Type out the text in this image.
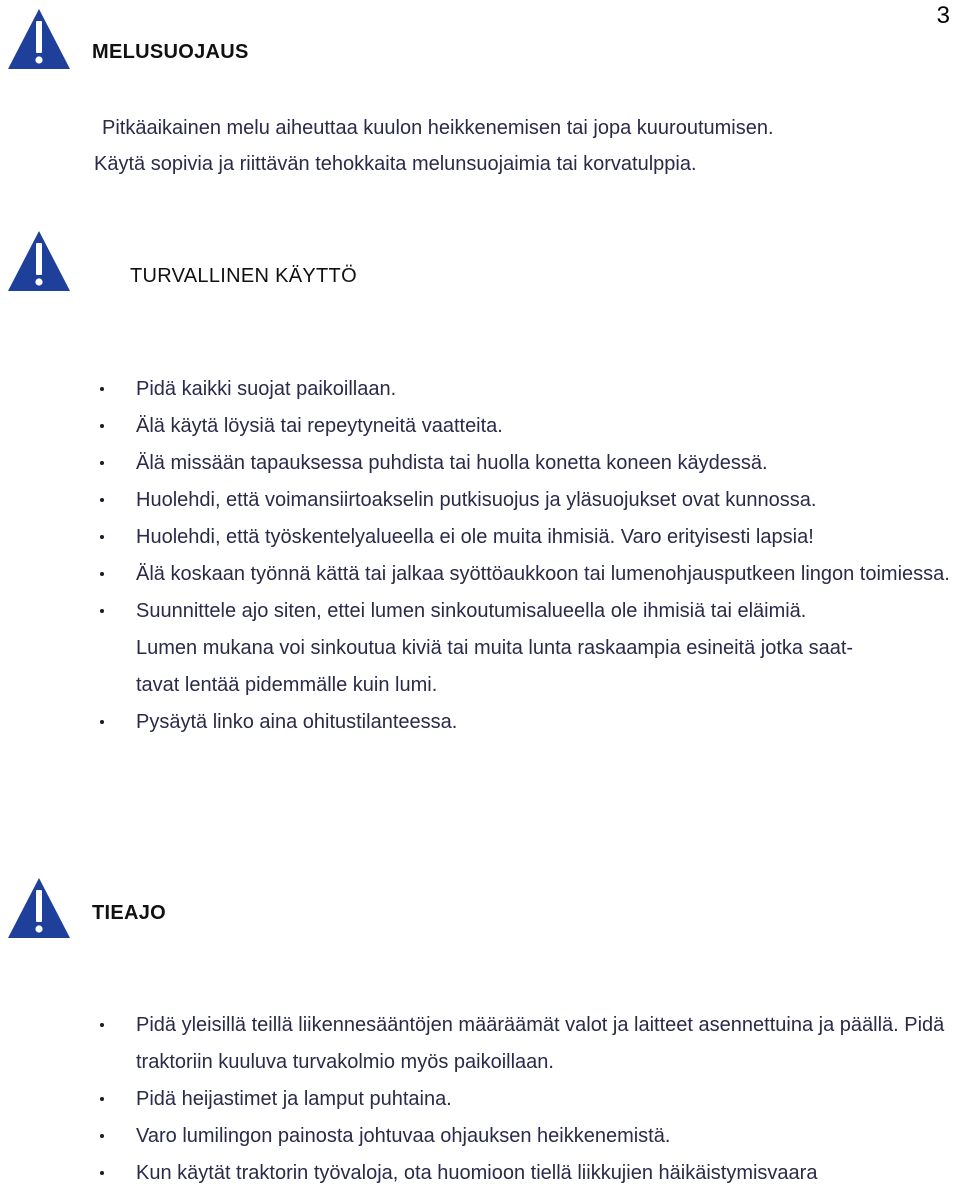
3
MELUSUOJAUS

Pitkäaikainen melu aiheuttaa kuulon heikkenemisen tai jopa kuuroutumisen.

Käytä sopivia ja riittävän tehokkaita melunsuojaimia tai korvatulppia.

TURVALLINEN KÄYTTÖ
Pidä kaikki suojat paikoillaan.
Älä käytä löysiä tai repeytyneitä vaatteita.
Älä missään tapauksessa puhdista tai huolla konetta koneen käydessä.
Huolehdi, että voimansiirtoakselin putkisuojus ja yläsuojukset ovat kunnossa.
Huolehdi, että työskentelyalueella ei ole muita ihmisiä. Varo erityisesti lapsia!
Älä koskaan työnnä kättä tai jalkaa syöttöaukkoon tai lumenohjausputkeen lingon toimiessa.
Suunnittele ajo siten, ettei lumen sinkoutumisalueella ole ihmisiä tai eläimiä.
Lumen mukana voi sinkoutua kiviä tai muita lunta raskaampia esineitä jotka saat-
tavat lentää pidemmälle kuin lumi.
Pysäytä linko aina ohitustilanteessa.
TIEAJO
Pidä yleisillä teillä liikennesääntöjen määräämät valot ja laitteet asennettuina ja päällä. Pidä traktoriin kuuluva turvakolmio myös paikoillaan.
Pidä heijastimet ja lamput puhtaina.
Varo lumilingon painosta johtuvaa ohjauksen heikkenemistä.
Kun käytät traktorin työvaloja, ota huomioon tiellä liikkujien häikäistymisvaara
